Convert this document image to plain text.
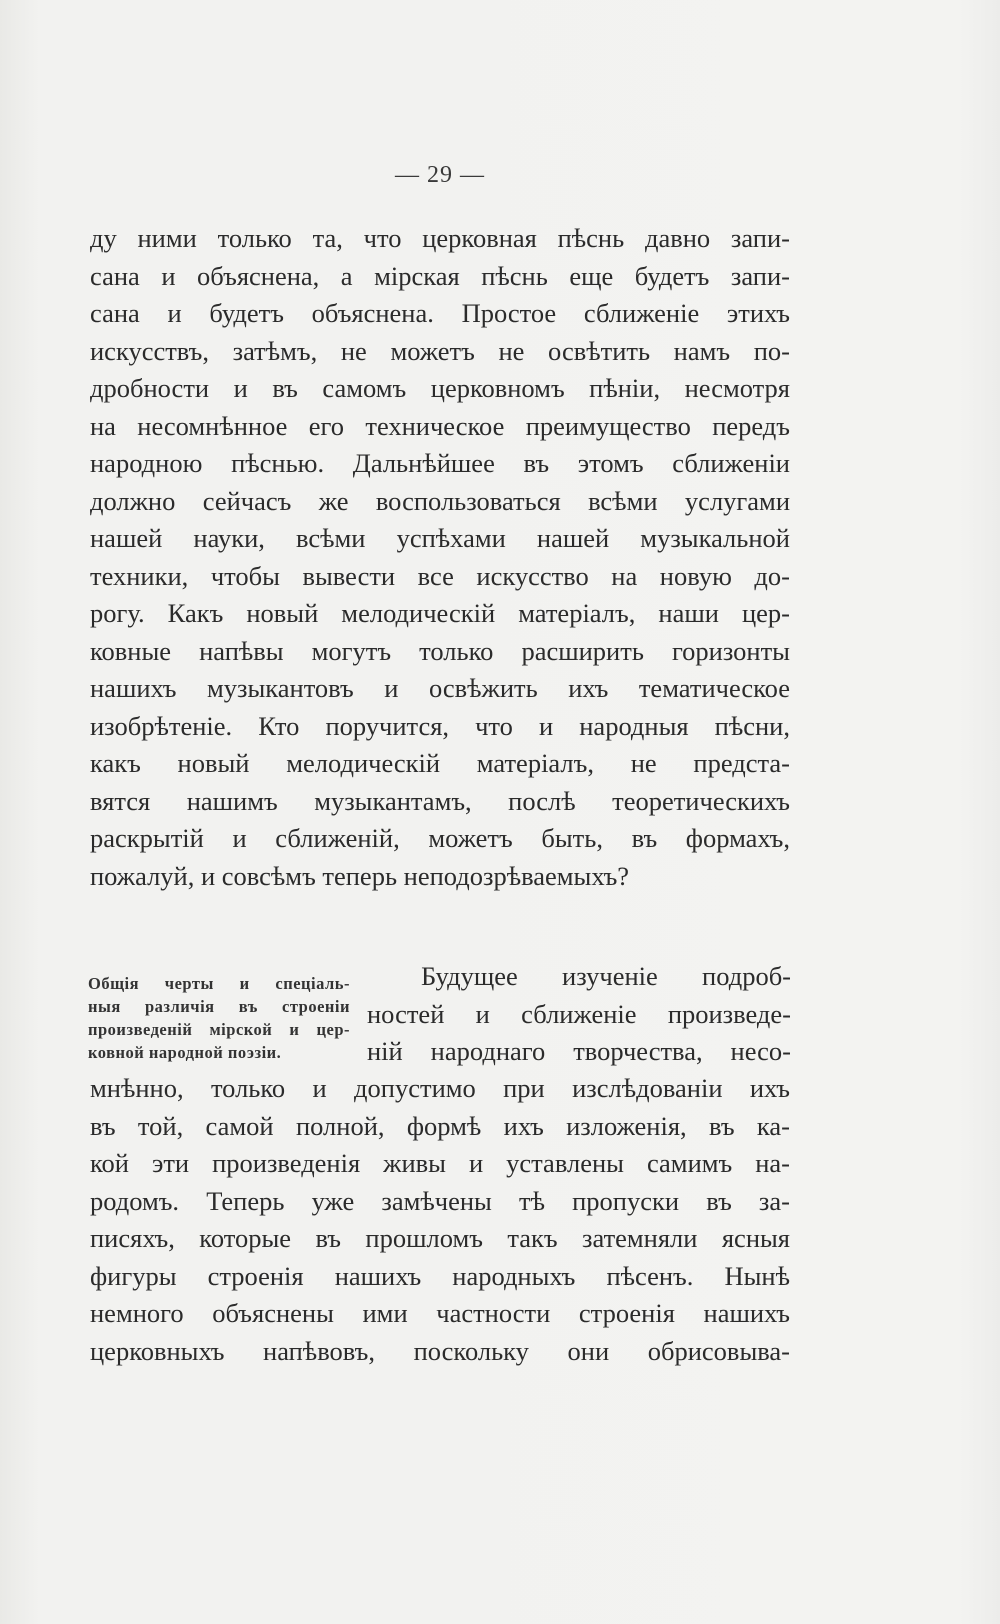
— 29 —
ду ними только та, что церковная пѣснь давно запи-
сана и объяснена, а мірская пѣснь еще будетъ запи-
сана и будетъ объяснена. Простое сближеніе этихъ
искусствъ, затѣмъ, не можетъ не освѣтить намъ по-
дробности и въ самомъ церковномъ пѣніи, несмотря
на несомнѣнное его техническое преимущество передъ
народною пѣснью. Дальнѣйшее въ этомъ сближеніи
должно сейчасъ же воспользоваться всѣми услугами
нашей науки, всѣми успѣхами нашей музыкальной
техники, чтобы вывести все искусство на новую до-
рогу. Какъ новый мелодическій матеріалъ, наши цер-
ковные напѣвы могутъ только расширить горизонты
нашихъ музыкантовъ и освѣжить ихъ тематическое
изобрѣтеніе. Кто поручится, что и народныя пѣсни,
какъ новый мелодическій матеріалъ, не предста-
вятся нашимъ музыкантамъ, послѣ теоретическихъ
раскрытій и сближеній, можетъ быть, въ формахъ,
пожалуй, и совсѣмъ теперь неподозрѣваемыхъ?
Общія черты и спеціаль-
ныя различія въ строеніи
произведеній мірской и цер-
ковной народной поэзіи.
Будущее изученіе подроб-
ностей и сближеніе произведе-
ній народнаго творчества, несо-
мнѣнно, только и допустимо при изслѣдованіи ихъ
въ той, самой полной, формѣ ихъ изложенія, въ ка-
кой эти произведенія живы и уставлены самимъ на-
родомъ. Теперь уже замѣчены тѣ пропуски въ за-
писяхъ, которые въ прошломъ такъ затемняли ясныя
фигуры строенія нашихъ народныхъ пѣсенъ. Нынѣ
немного объяснены ими частности строенія нашихъ
церковныхъ напѣвовъ, поскольку они обрисовыва-
